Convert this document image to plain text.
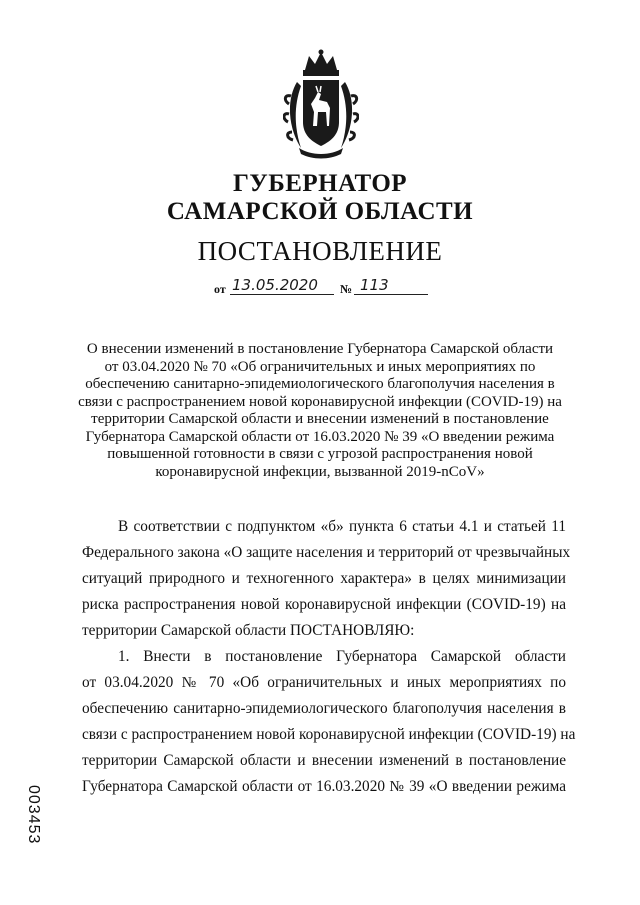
ГУБЕРНАТОР
САМАРСКОЙ ОБЛАСТИ
ПОСТАНОВЛЕНИЕ
от 13.05.2020 № 113
О внесении изменений в постановление Губернатора Самарской области
от 03.04.2020 № 70 «Об ограничительных и иных мероприятиях по
обеспечению санитарно-эпидемиологического благополучия населения в
связи с распространением новой коронавирусной инфекции (COVID-19) на
территории Самарской области и внесении изменений в постановление
Губернатора Самарской области от 16.03.2020 № 39 «О введении режима
повышенной готовности в связи с угрозой распространения новой
коронавирусной инфекции, вызванной 2019-nCoV»
В соответствии с подпунктом «б» пункта 6 статьи 4.1 и статьей 11
Федерального закона «О защите населения и территорий от чрезвычайных
ситуаций природного и техногенного характера» в целях минимизации
риска распространения новой коронавирусной инфекции (COVID-19) на
территории Самарской области ПОСТАНОВЛЯЮ:
1. Внести в постановление Губернатора Самарской области
от 03.04.2020 № 70 «Об ограничительных и иных мероприятиях по
обеспечению санитарно-эпидемиологического благополучия населения в
связи с распространением новой коронавирусной инфекции (COVID-19) на
территории Самарской области и внесении изменений в постановление
Губернатора Самарской области от 16.03.2020 № 39 «О введении режима
003453
